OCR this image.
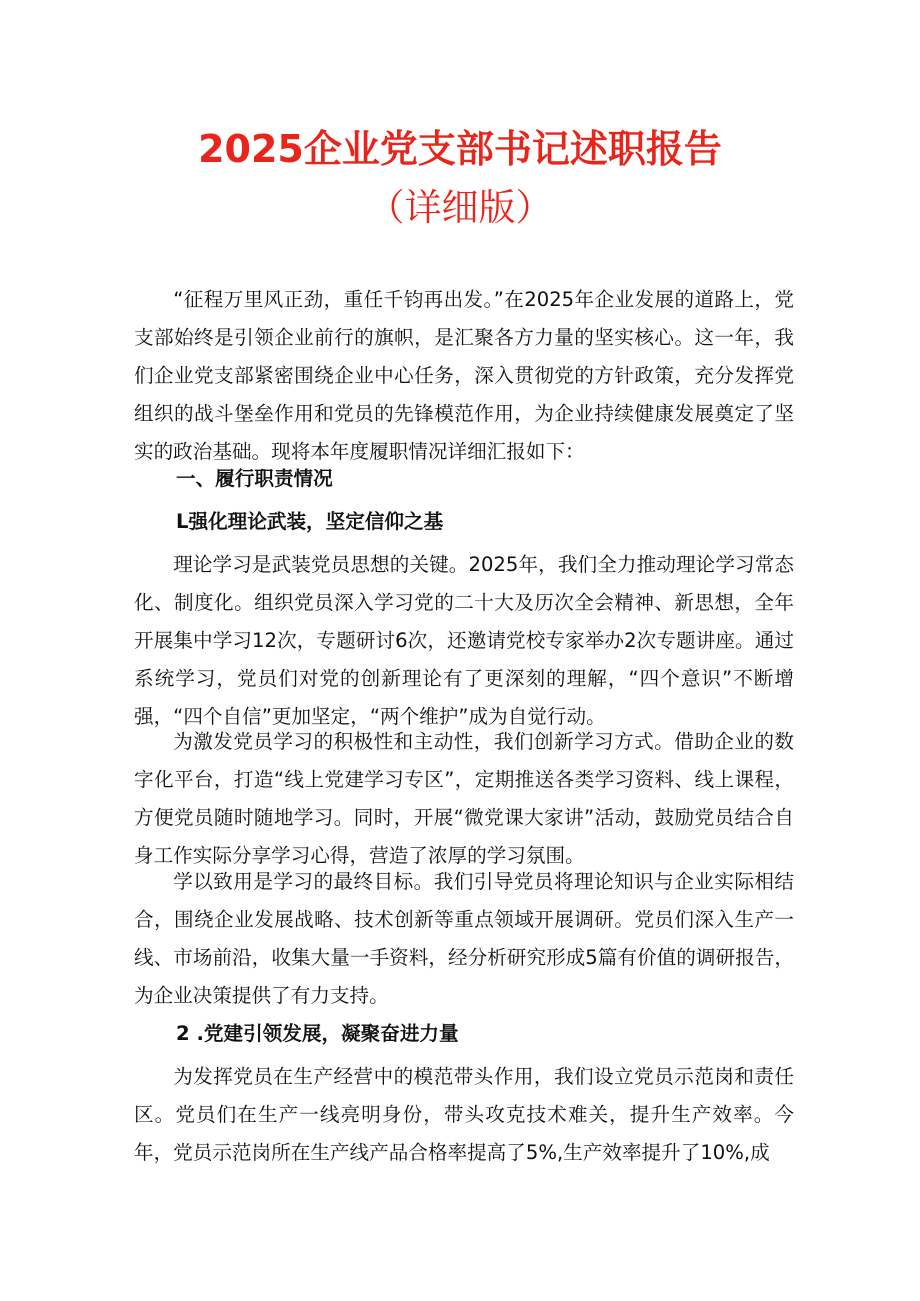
2025企业党支部书记述职报告
（详细版）

“征程万里风正劲，重任千钧再出发。”在2025年企业发展的道路上，党支部始终是引领企业前行的旗帜，是汇聚各方力量的坚实核心。这一年，我们企业党支部紧密围绕企业中心任务，深入贯彻党的方针政策，充分发挥党组织的战斗堡垒作用和党员的先锋模范作用，为企业持续健康发展奠定了坚实的政治基础。现将本年度履职情况详细汇报如下：

一、履行职责情况

L强化理论武装，坚定信仰之基

理论学习是武装党员思想的关键。2025年，我们全力推动理论学习常态化、制度化。组织党员深入学习党的二十大及历次全会精神、新思想，全年开展集中学习12次，专题研讨6次，还邀请党校专家举办2次专题讲座。通过系统学习，党员们对党的创新理论有了更深刻的理解，“四个意识”不断增强，“四个自信”更加坚定，“两个维护”成为自觉行动。

为激发党员学习的积极性和主动性，我们创新学习方式。借助企业的数字化平台，打造“线上党建学习专区”，定期推送各类学习资料、线上课程，方便党员随时随地学习。同时，开展“微党课大家讲”活动，鼓励党员结合自身工作实际分享学习心得，营造了浓厚的学习氛围。

学以致用是学习的最终目标。我们引导党员将理论知识与企业实际相结合，围绕企业发展战略、技术创新等重点领域开展调研。党员们深入生产一线、市场前沿，收集大量一手资料，经分析研究形成5篇有价值的调研报告，为企业决策提供了有力支持。

2 .党建引领发展，凝聚奋进力量

为发挥党员在生产经营中的模范带头作用，我们设立党员示范岗和责任区。党员们在生产一线亮明身份，带头攻克技术难关，提升生产效率。今年，党员示范岗所在生产线产品合格率提高了5%,生产效率提升了10%,成
